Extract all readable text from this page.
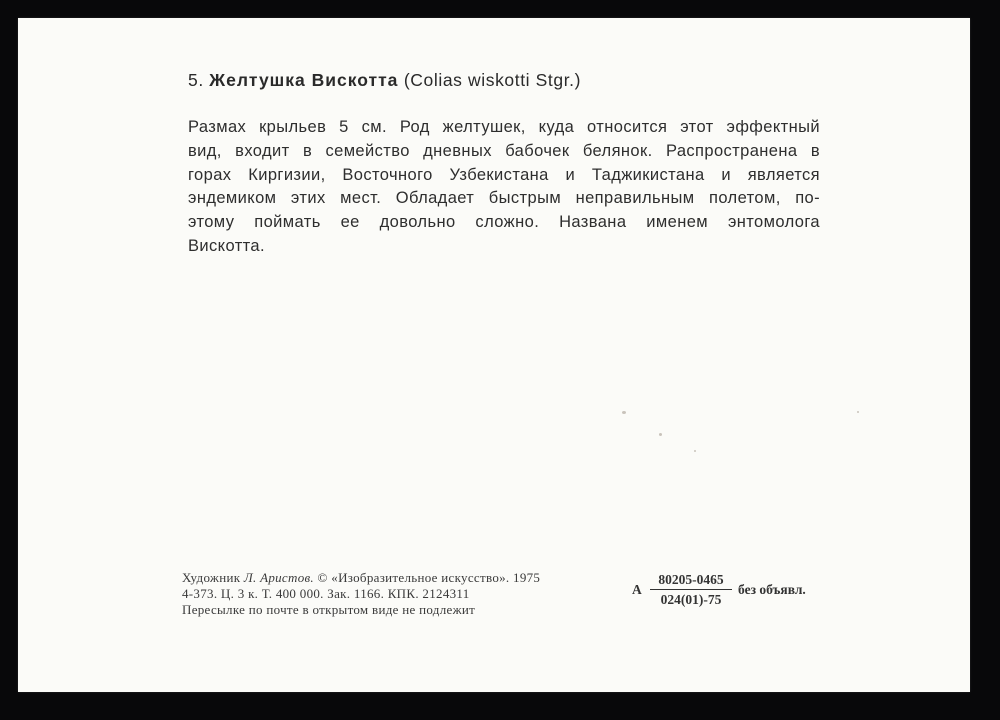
5. Желтушка Вискотта (Colias wiskotti Stgr.)
Размах крыльев 5 см. Род желтушек, куда относится этот эффектный
вид, входит в семейство дневных бабочек белянок. Распространена в
горах Киргизии, Восточного Узбекистана и Таджикистана и является
эндемиком этих мест. Обладает быстрым неправильным полетом, по-
этому поймать ее довольно сложно. Названа именем энтомолога
Вискотта.
Художник Л. Аристов. © «Изобразительное искусство». 1975
4-373. Ц. 3 к. Т. 400 000. Зак. 1166. КПК. 2124311
Пересылке по почте в открытом виде не подлежит
А $\frac{80205-0465}{024(01)-75}$ без объявл.
